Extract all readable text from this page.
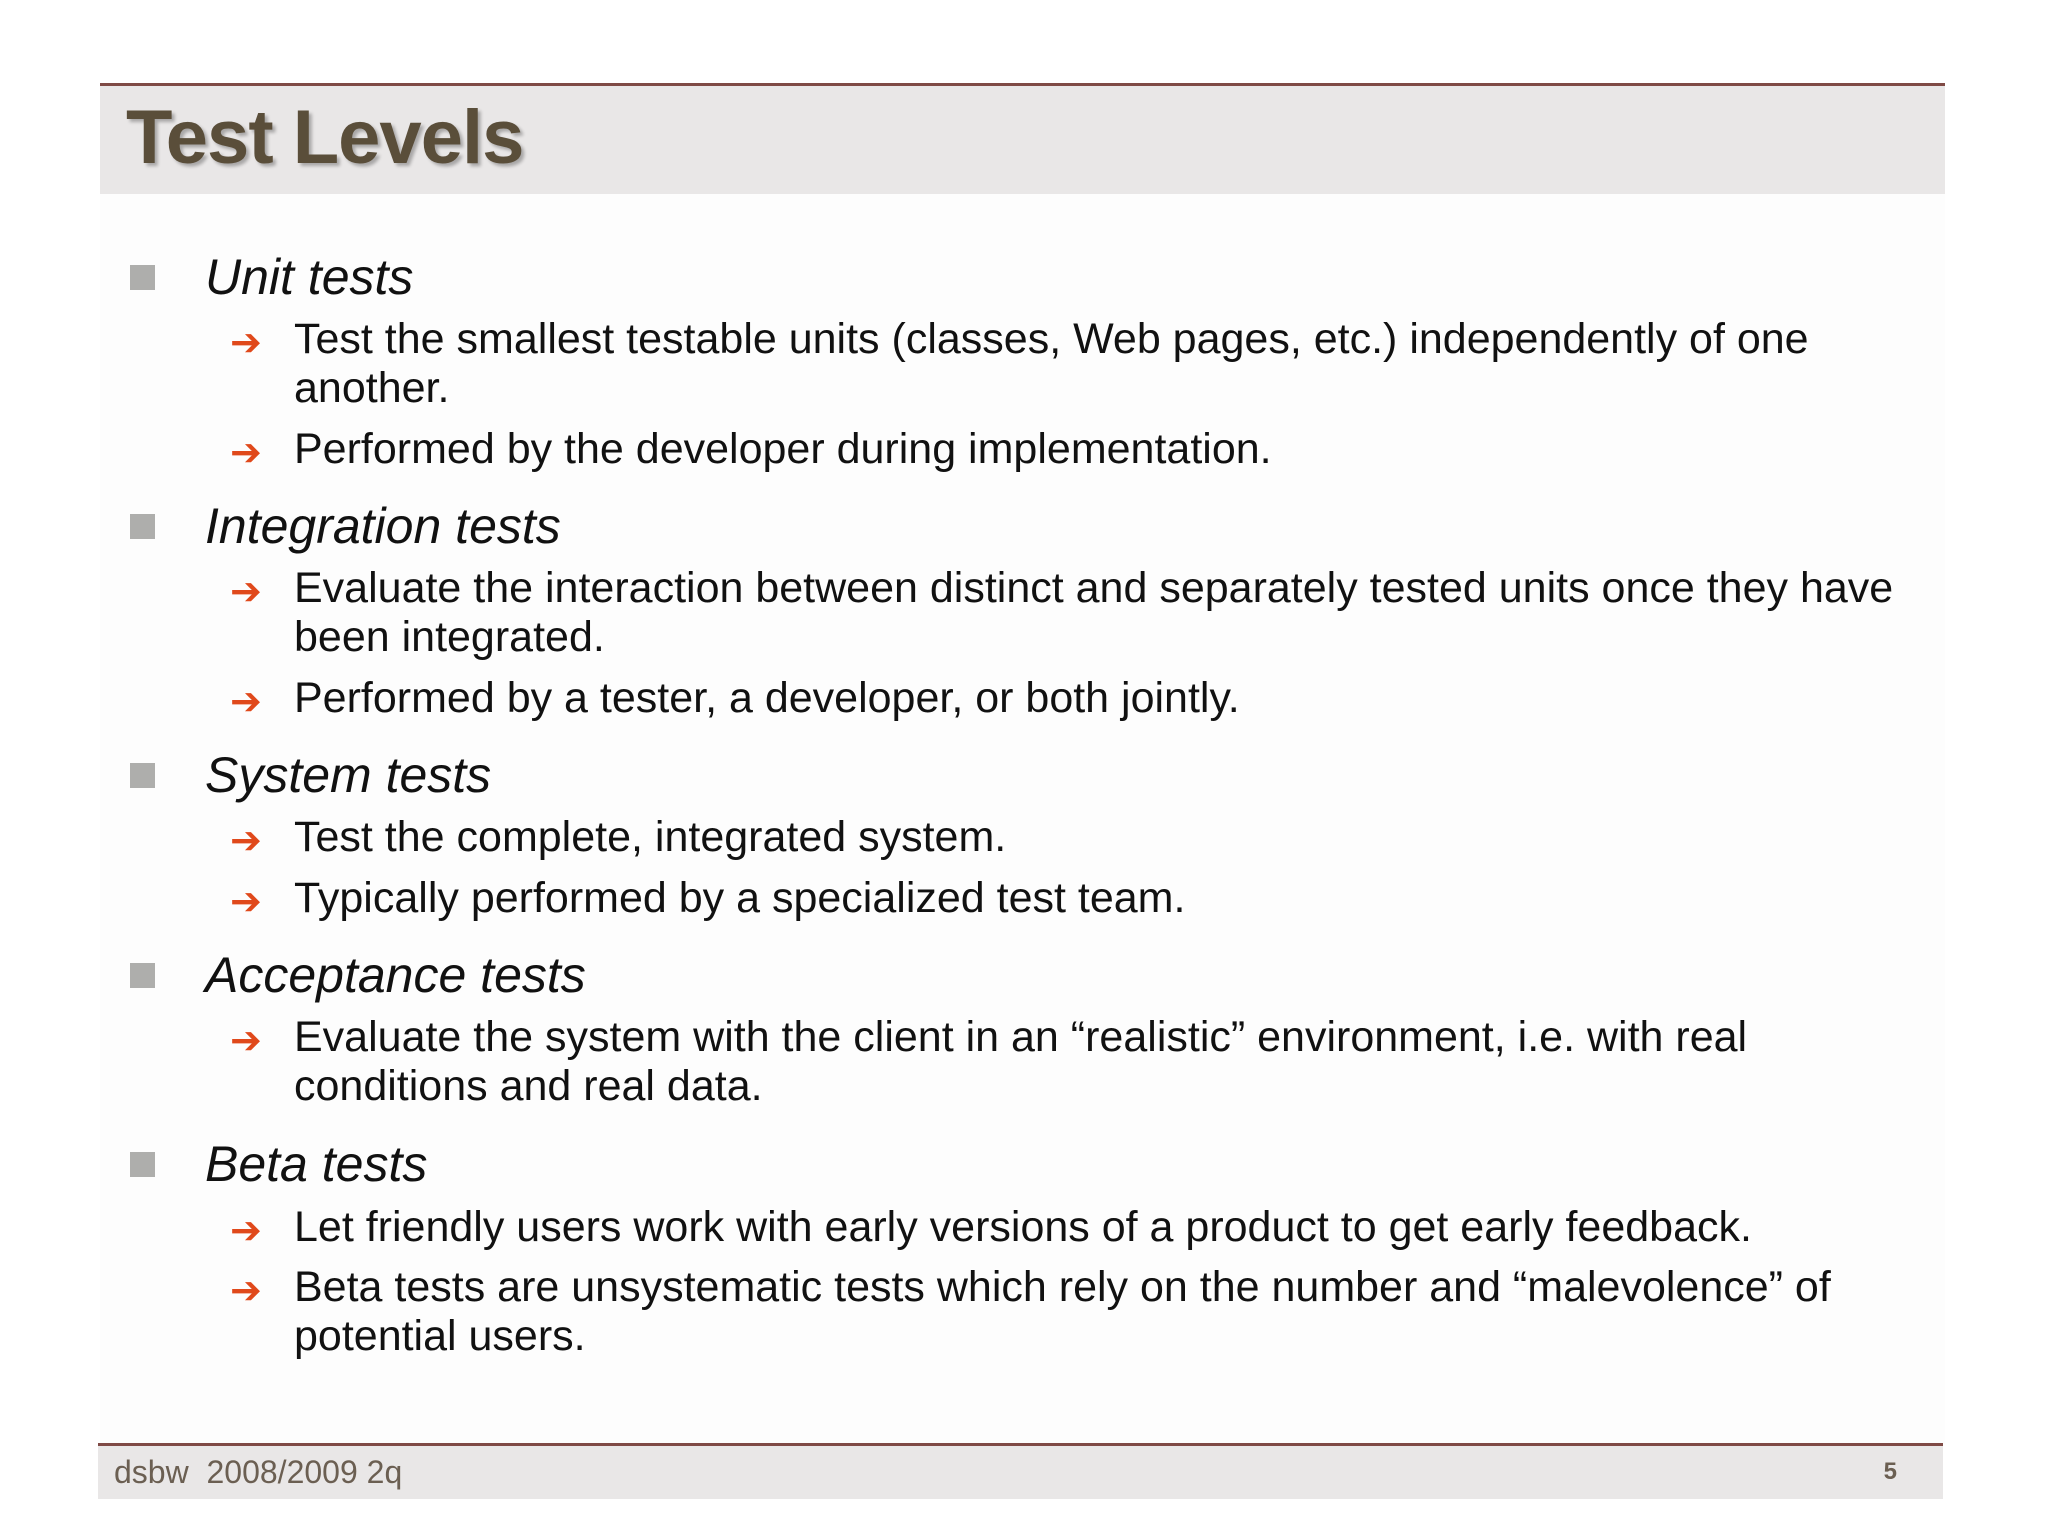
Test Levels
Unit tests
➔ Test the smallest testable units (classes, Web pages, etc.) independently of one another.
➔ Performed by the developer during implementation.
Integration tests
➔ Evaluate the interaction between distinct and separately tested units once they have been integrated.
➔ Performed by a tester, a developer, or both jointly.
System tests
➔ Test the complete, integrated system.
➔ Typically performed by a specialized test team.
Acceptance tests
➔ Evaluate the system with the client in an “realistic” environment, i.e. with real conditions and real data.
Beta tests
➔ Let friendly users work with early versions of a product to get early feedback.
➔ Beta tests are unsystematic tests which rely on the number and “malevolence” of potential users.
dsbw  2008/2009 2q	5
